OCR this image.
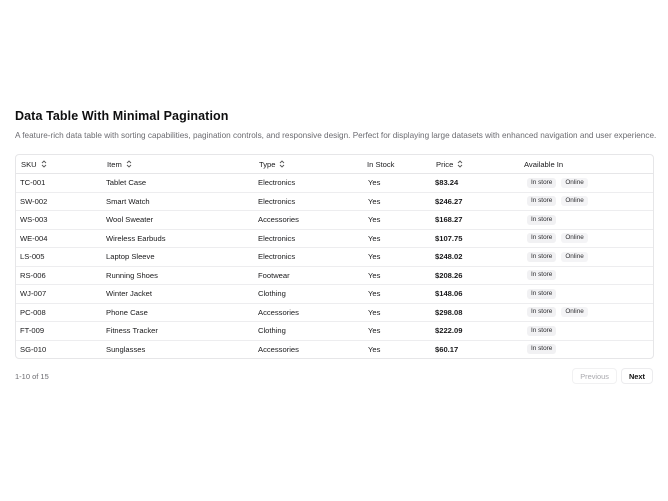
Data Table With Minimal Pagination
A feature-rich data table with sorting capabilities, pagination controls, and responsive design. Perfect for displaying large datasets with enhanced navigation and user experience.
SKU	Item	Type	In Stock	Price	Available In
TC-001	Tablet Case	Electronics	Yes	$83.24	In store Online

SW-002	Smart Watch	Electronics	Yes	$246.27	In store Online

WS-003	Wool Sweater	Accessories	Yes	$168.27	In store

WE-004	Wireless Earbuds	Electronics	Yes	$107.75	In store Online

LS-005	Laptop Sleeve	Electronics	Yes	$248.02	In store Online

RS-006	Running Shoes	Footwear	Yes	$208.26	In store

WJ-007	Winter Jacket	Clothing	Yes	$148.06	In store

PC-008	Phone Case	Accessories	Yes	$298.08	In store Online

FT-009	Fitness Tracker	Clothing	Yes	$222.09	In store

SG-010	Sunglasses	Accessories	Yes	$60.17	In store
1-10 of 15	Previous	Next
